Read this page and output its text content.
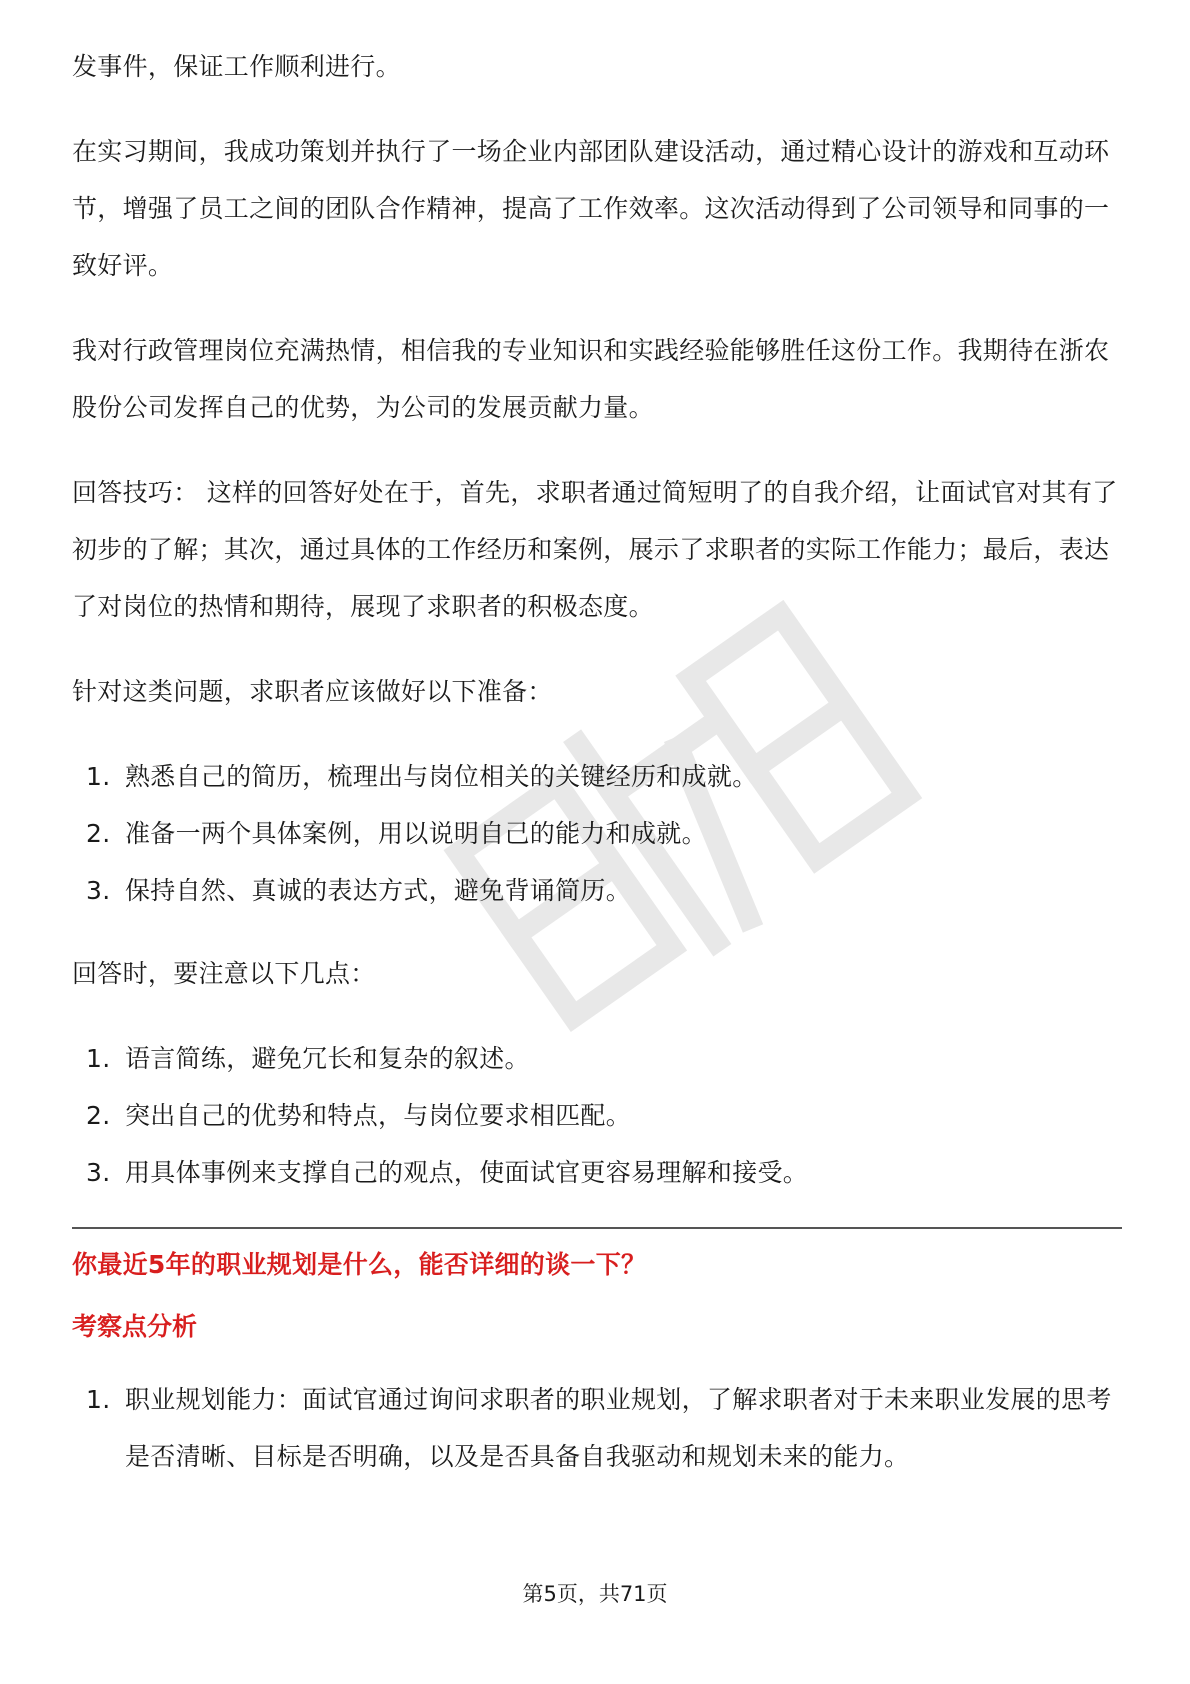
发事件，保证工作顺利进行。

在实习期间，我成功策划并执行了一场企业内部团队建设活动，通过精心设计的游戏和互动环节，增强了员工之间的团队合作精神，提高了工作效率。这次活动得到了公司领导和同事的一致好评。

我对行政管理岗位充满热情，相信我的专业知识和实践经验能够胜任这份工作。我期待在浙农股份公司发挥自己的优势，为公司的发展贡献力量。

回答技巧： 这样的回答好处在于，首先，求职者通过简短明了的自我介绍，让面试官对其有了初步的了解；其次，通过具体的工作经历和案例，展示了求职者的实际工作能力；最后，表达了对岗位的热情和期待，展现了求职者的积极态度。

针对这类问题，求职者应该做好以下准备：

1. 熟悉自己的简历，梳理出与岗位相关的关键经历和成就。
2. 准备一两个具体案例，用以说明自己的能力和成就。
3. 保持自然、真诚的表达方式，避免背诵简历。

回答时，要注意以下几点：

1. 语言简练，避免冗长和复杂的叙述。
2. 突出自己的优势和特点，与岗位要求相匹配。
3. 用具体事例来支撑自己的观点，使面试官更容易理解和接受。
你最近5年的职业规划是什么，能否详细的谈一下？
考察点分析
1. 职业规划能力：面试官通过询问求职者的职业规划，了解求职者对于未来职业发展的思考是否清晰、目标是否明确，以及是否具备自我驱动和规划未来的能力。
第5页，共71页
